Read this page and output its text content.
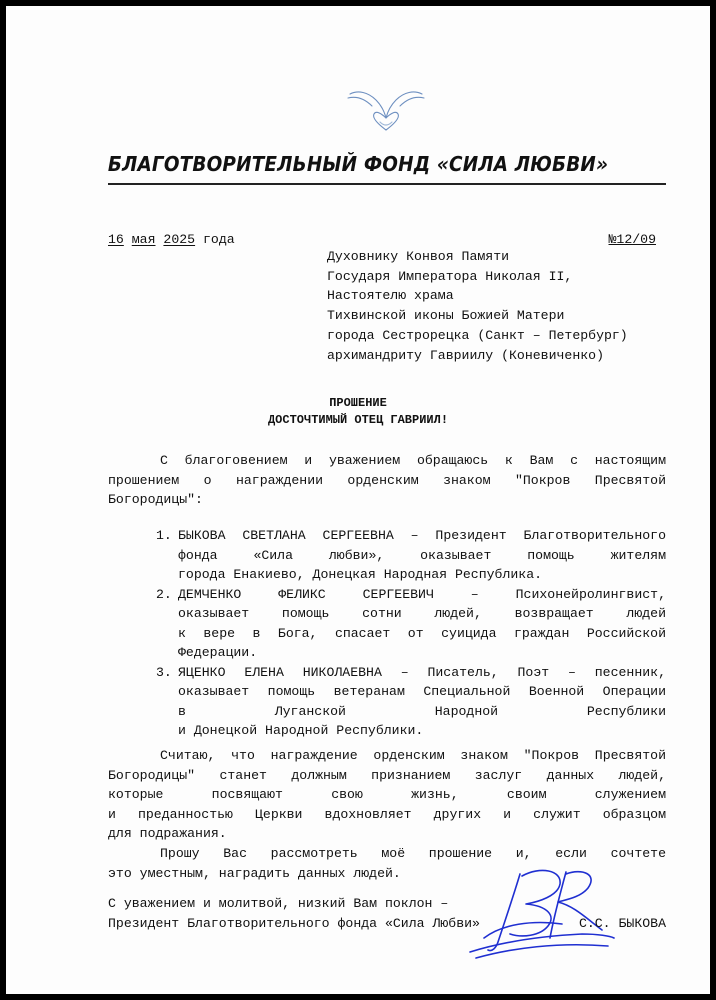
БЛАГОТВОРИТЕЛЬНЫЙ ФОНД «СИЛА ЛЮБВИ»
16 мая 2025 года	№12/09
Духовнику Конвоя Памяти
Государя Императора Николая II,
Настоятелю храма
Тихвинской иконы Божией Матери
города Сестрорецка (Санкт – Петербург)
архимандриту Гавриилу (Коневиченко)
ПРОШЕНИЕ
ДОСТОЧТИМЫЙ ОТЕЦ ГАВРИИЛ!
С благоговением и уважением обращаюсь к Вам с настоящим
прошением о награждении орденским знаком "Покров Пресвятой
Богородицы":
1. БЫКОВА СВЕТЛАНА СЕРГЕЕВНА – Президент Благотворительного
фонда «Сила любви», оказывает помощь жителям
города Енакиево, Донецкая Народная Республика.
2. ДЕМЧЕНКО ФЕЛИКС СЕРГЕЕВИЧ – Психонейролингвист,
оказывает помощь сотни людей, возвращает людей
к вере в Бога, спасает от суицида граждан Российской
Федерации.
3. ЯЦЕНКО ЕЛЕНА НИКОЛАЕВНА – Писатель, Поэт – песенник,
оказывает помощь ветеранам Специальной Военной Операции
в Луганской Народной Республики
и Донецкой Народной Республики.
Считаю, что награждение орденским знаком "Покров Пресвятой
Богородицы" станет должным признанием заслуг данных людей,
которые посвящают свою жизнь, своим служением
и преданностью Церкви вдохновляет других и служит образцом
для подражания.
Прошу Вас рассмотреть моё прошение и, если сочтете
это уместным, наградить данных людей.
С уважением и молитвой, низкий Вам поклон –
Президент Благотворительного фонда «Сила Любви»	С.С. БЫКОВА
